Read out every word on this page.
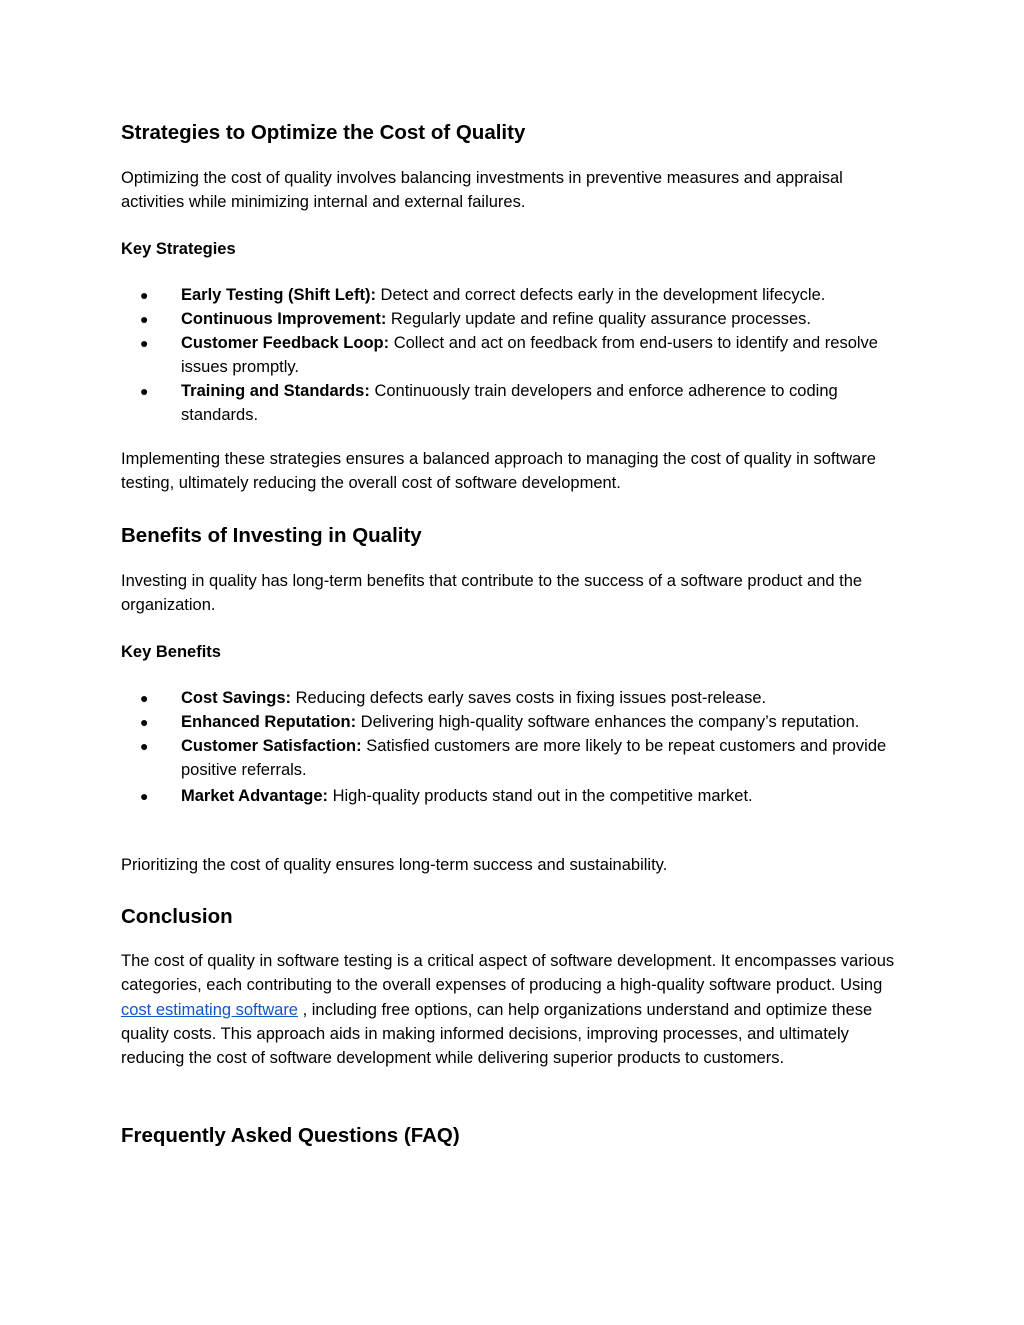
Strategies to Optimize the Cost of Quality

Optimizing the cost of quality involves balancing investments in preventive measures and appraisal activities while minimizing internal and external failures.

Key Strategies
● Early Testing (Shift Left): Detect and correct defects early in the development lifecycle.
● Continuous Improvement: Regularly update and refine quality assurance processes.
● Customer Feedback Loop: Collect and act on feedback from end-users to identify and resolve issues promptly.
● Training and Standards: Continuously train developers and enforce adherence to coding standards.

Implementing these strategies ensures a balanced approach to managing the cost of quality in software testing, ultimately reducing the overall cost of software development.

Benefits of Investing in Quality

Investing in quality has long-term benefits that contribute to the success of a software product and the organization.

Key Benefits
● Cost Savings: Reducing defects early saves costs in fixing issues post-release.
● Enhanced Reputation: Delivering high-quality software enhances the company’s reputation.
● Customer Satisfaction: Satisfied customers are more likely to be repeat customers and provide positive referrals.
● Market Advantage: High-quality products stand out in the competitive market.

Prioritizing the cost of quality ensures long-term success and sustainability.

Conclusion

The cost of quality in software testing is a critical aspect of software development. It encompasses various categories, each contributing to the overall expenses of producing a high-quality software product. Using cost estimating software , including free options, can help organizations understand and optimize these quality costs. This approach aids in making informed decisions, improving processes, and ultimately reducing the cost of software development while delivering superior products to customers.

Frequently Asked Questions (FAQ)
